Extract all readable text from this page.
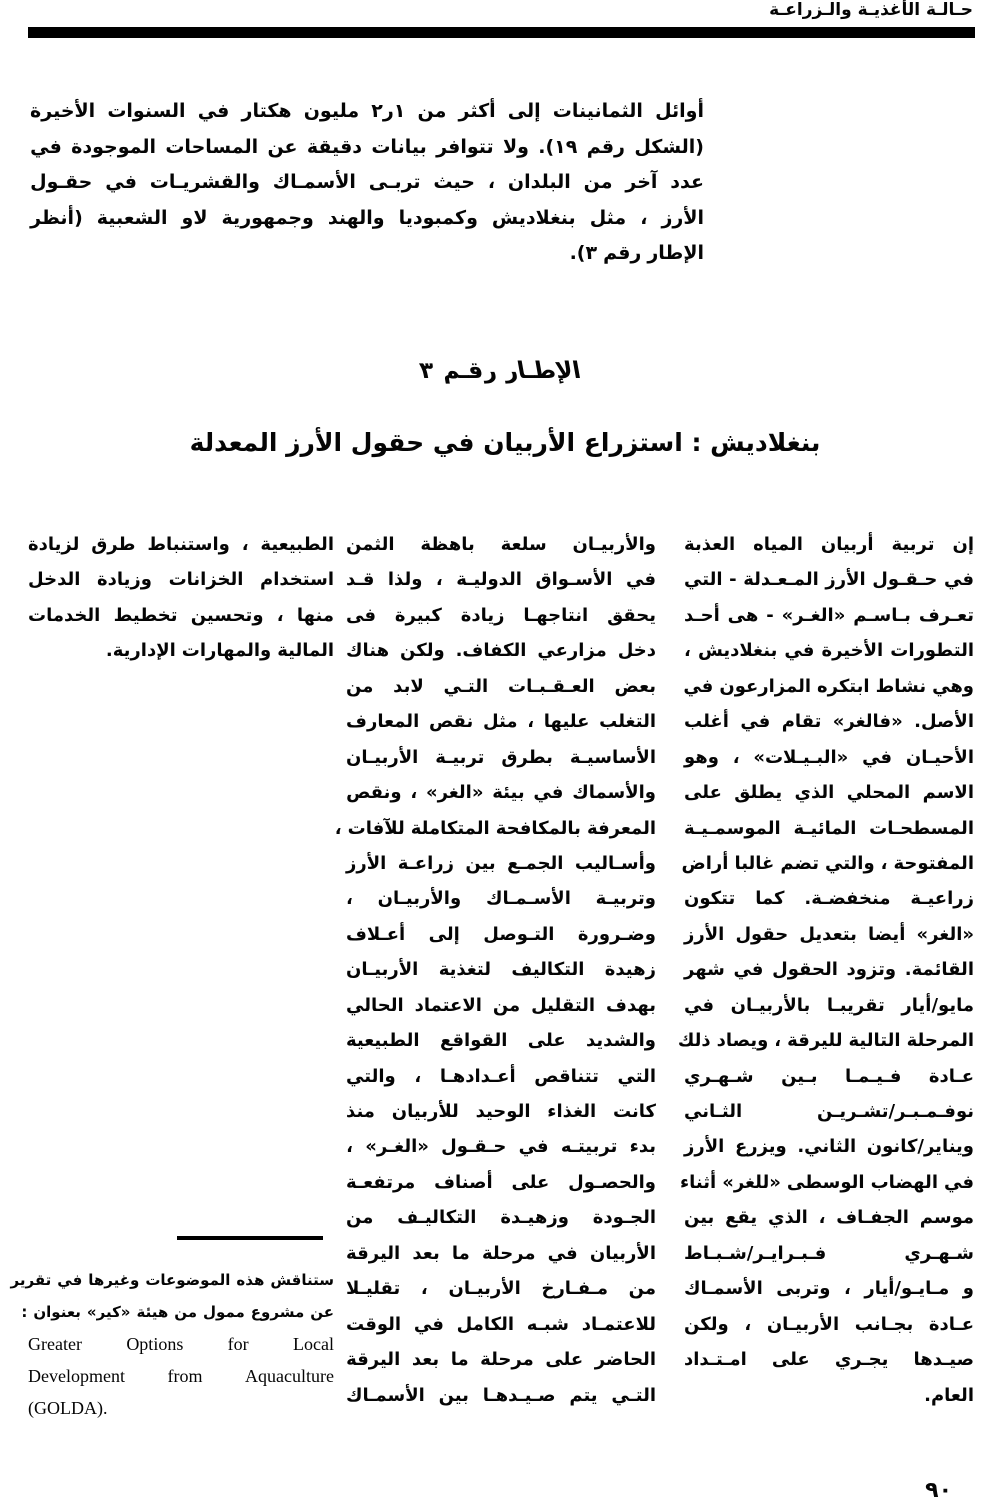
حـالـة الأغذيـة والـزراعـة
أوائل
الثمانينات
إلى
أكثر
من
١ر٢
مليون
هكتار
في
السنوات
الأخيرة
(الشكل
رقم
١٩).
ولا
تتوافر
بيانات
دقيقة
عن
المساحات
الموجودة
في
عدد
آخر
من
البلدان
،
حيث
تربـى
الأسمـاك
والقشريـات
في
حقـول
الأرز
،
مثل
بنغلاديش
وكمبوديا
والهند
وجمهورية
لاو
الشعبية
(أنظر
الإطار
رقم
٣).
الإطـار رقـم ٣
بنغلاديش : استزراع الأربيان في حقول الأرز المعدلة
إن
تربية
أربيان
المياه
العذبة
في
حـقـول
الأرز
المـعـدلة
-
التي
تعـرف
بـاسـم
«الغـر»
-
هى
أحـد
التطورات
الأخيرة
في
بنغلاديش
،
وهي
نشاط
ابتكره
المزارعون
في
الأصل.
«فالغر»
تقام
في
أغلب
الأحيـان
في
«البـيـلات»
،
وهو
الاسم
المحلي
الذي
يطلق
على
المسطحـات
المائيـة
الموسمـيـة
المفتوحة
،
والتي
تضم
غالبا
أراض
زراعيـة
منخفضـة.
كما
تتكون
«الغر»
أيضا
بتعديل
حقول
الأرز
القائمة.
وتزود
الحقول
في
شهر
مايو/أيار
تقريبـا
بالأربيـان
في
المرحلة
التالية
لليرقة
،
ويصاد
ذلك
عـادة
فـيـمـا
بـين
شـهـري
نوفـمـبـر/تشـريـن
الثـاني
ويناير/كانون
الثاني.
ويزرع
الأرز
في
الهضاب
الوسطى
«للغر»
أثناء
موسم
الجفـاف
،
الذي
يقع
بين
شـهـري
فـبـرايـر/شـبـاط
و
مـايـو/أيار
،
وتربى
الأسمـاك
عـادة
بجـانب
الأربيـان
،
ولكن
صيـدها
يجـري
على
امـتـداد
العام.
والأربيـان
سلعة
باهظة
الثمن
في
الأسـواق
الدوليـة
،
ولذا
قـد
يحقق
انتاجهـا
زيادة
كبيرة
فى
دخل
مزارعي
الكفاف.
ولكن
هناك
بعض
العـقـبـات
التـي
لابد
من
التغلب
عليها
،
مثل
نقص
المعارف
الأساسيـة
بطرق
تربيـة
الأربيـان
والأسماك
في
بيئة
«الغر»
،
ونقص
المعرفة
بالمكافحة
المتكاملة
للآفات
،
وأسـاليب
الجمـع
بين
زراعـة
الأرز
وتربيـة
الأسـمـاك
والأربيـان
،
وضـرورة
التـوصل
إلى
أعـلاف
زهيدة
التكاليف
لتغذية
الأربيـان
بهدف
التقليل
من
الاعتماد
الحالي
والشديد
على
القواقع
الطبيعية
التي
تتناقص
أعـدادهـا
،
والتي
كانت
الغذاء
الوحيد
للأربيان
منذ
بدء
تربيتـه
في
حـقـول
«الغـر»
،
والحصـول
على
أصناف
مرتفعـة
الجـودة
وزهيـدة
التكاليـف
من
الأربيان
في
مرحلة
ما
بعد
اليرقة
من
مـفـارخ
الأربيـان
،
تقليـلا
للاعتمـاد
شبـه
الكامل
في
الوقت
الحاضر
على
مرحلة
ما
بعد
اليرقة
التـي
يتم
صـيـدهـا
بين
الأسمـاك
الطبيعية
،
واستنباط
طرق
لزيادة
استخدام
الخزانات
وزيادة
الدخل
منها
،
وتحسين
تخطيط
الخدمات
المالية
والمهارات
الإدارية.
ستناقش
هذه
الموضوعات
وغيرها
في
تقرير
عن
مشروع
ممول
من
هيئة
«كير»
بعنوان
:
Greater Options for Local
Development from Aquaculture
(GOLDA).
٩٠
